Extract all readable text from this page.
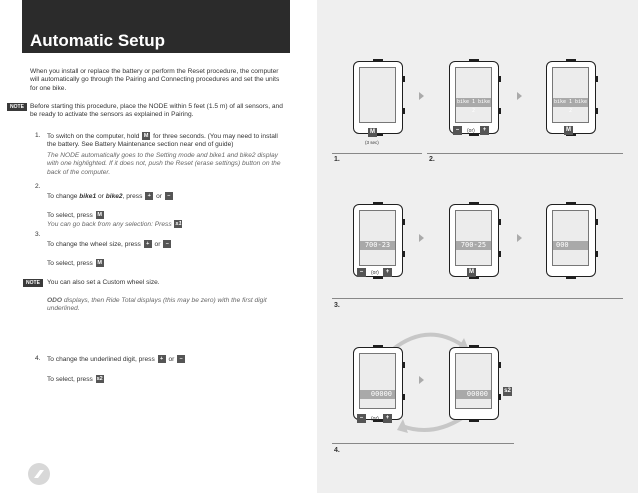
Automatic Setup

When you install or replace the battery or perform the Reset procedure, the computer will automatically go through the Pairing and Connecting procedures and set the units for one bike.

NOTE Before starting this procedure, place the NODE within 5 feet (1.5 m) of all sensors, and be ready to activate the sensors as explained in Pairing.

1. To switch on the computer, hold M for three seconds. (You may need to install the battery. See Battery Maintenance section near end of guide)

The NODE automatically goes to the Setting mode and bike1 and bike2 display with one highlighted. If it does not, push the Reset (erase settings) button on the back of the computer.

2.

To change bike1 or bike2, press + or –

To select, press M

You can go back from any selection: Press s1

3.

To change the wheel size, press + or –

To select, press M

NOTE	You can also set a Custom wheel size.

ODO displays, then Ride Total displays (this may be zero) with the first digit underlined.

4. To change the underlined digit, press + or –

To select, press s2

M
(3 sec)
bike 1 bike 2
–	(or)	+
bike 1 bike 2
M
1.	2.
700-23
–	(or)	+
700-25
M
000
3.
00000
–	(or)	+
00000	s2
4.
